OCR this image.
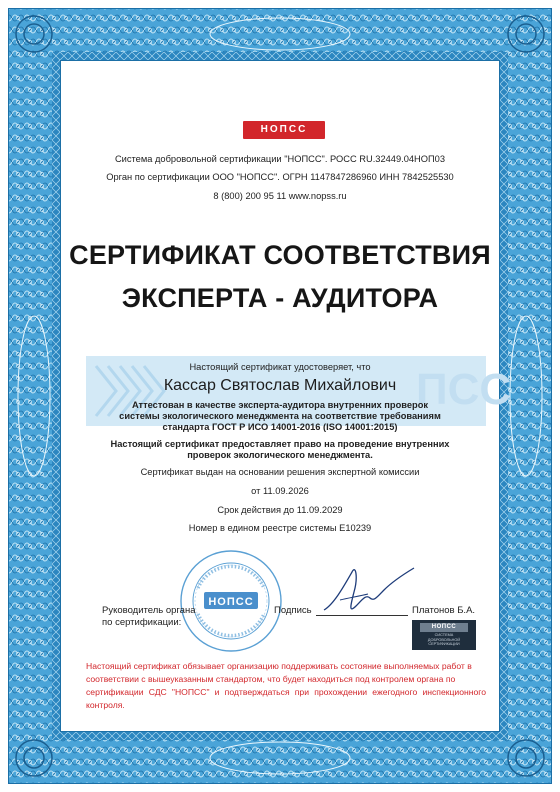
НОПСС
Система добровольной сертификации "НОПСС". РОСС RU.32449.04НОП03
Орган по сертификации ООО "НОПСС". ОГРН 1147847286960 ИНН 7842525530
8 (800) 200 95 11 www.nopss.ru
СЕРТИФИКАТ СООТВЕТСТВИЯ
ЭКСПЕРТА - АУДИТОРА
ПСС
Настоящий сертификат удостоверяет, что
Кассар Святослав Михайлович
Аттестован в качестве эксперта-аудитора внутренних проверок
системы экологического менеджмента на соответствие требованиям
стандарта ГОСТ Р ИСО 14001-2016 (ISO 14001:2015)
Настоящий сертификат предоставляет право на проведение внутренних
проверок экологического менеджмента.
Сертификат выдан на основании решения экспертной комиссии
от 11.09.2026
Срок действия до 11.09.2029
Номер в едином реестре системы E10239
НОПСС
Руководитель органа
по сертификации:
Подпись	Платонов Б.А.
НОПСС
СИСТЕМА
ДОБРОВОЛЬНОЙ
СЕРТИФИКАЦИИ
Настоящий сертификат обязывает организацию поддерживать состояние выполняемых работ в
соответствии с вышеуказанным стандартом, что будет находиться под контролем органа по
сертификации СДС "НОПСС" и подтверждаться при прохождении ежегодного инспекционного контроля.
